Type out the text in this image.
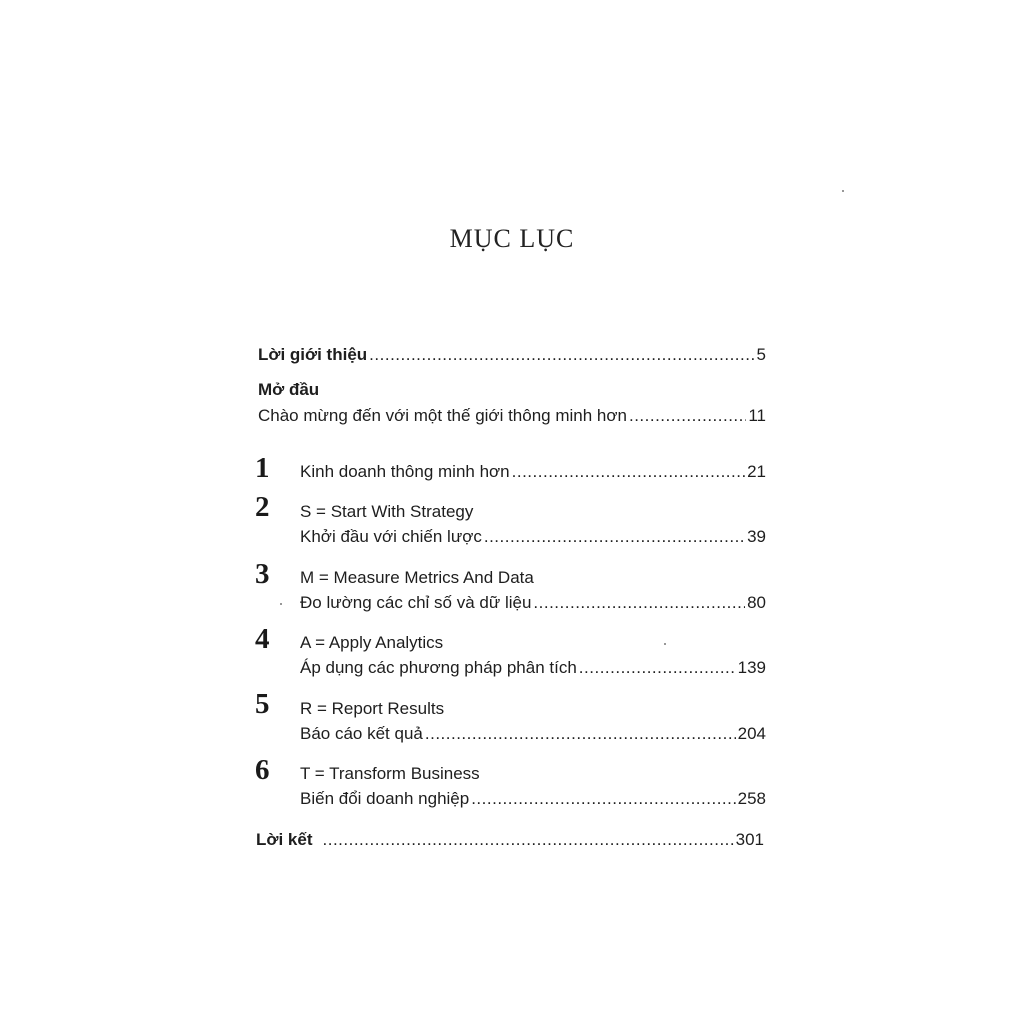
MỤC LỤC
Lời giới thiệu .....	5
Mở đầu
Chào mừng đến với một thế giới thông minh hơn .....	11
1	Kinh doanh thông minh hơn .....	21
2	S = Start With Strategy
Khởi đầu với chiến lược .....	39
3	M = Measure Metrics And Data
Đo lường các chỉ số và dữ liệu .....	80
4	A = Apply Analytics
Áp dụng các phương pháp phân tích .....	139
5	R = Report Results
Báo cáo kết quả .....	204
6	T = Transform Business
Biến đổi doanh nghiệp .....	258
Lời kết .....	301
